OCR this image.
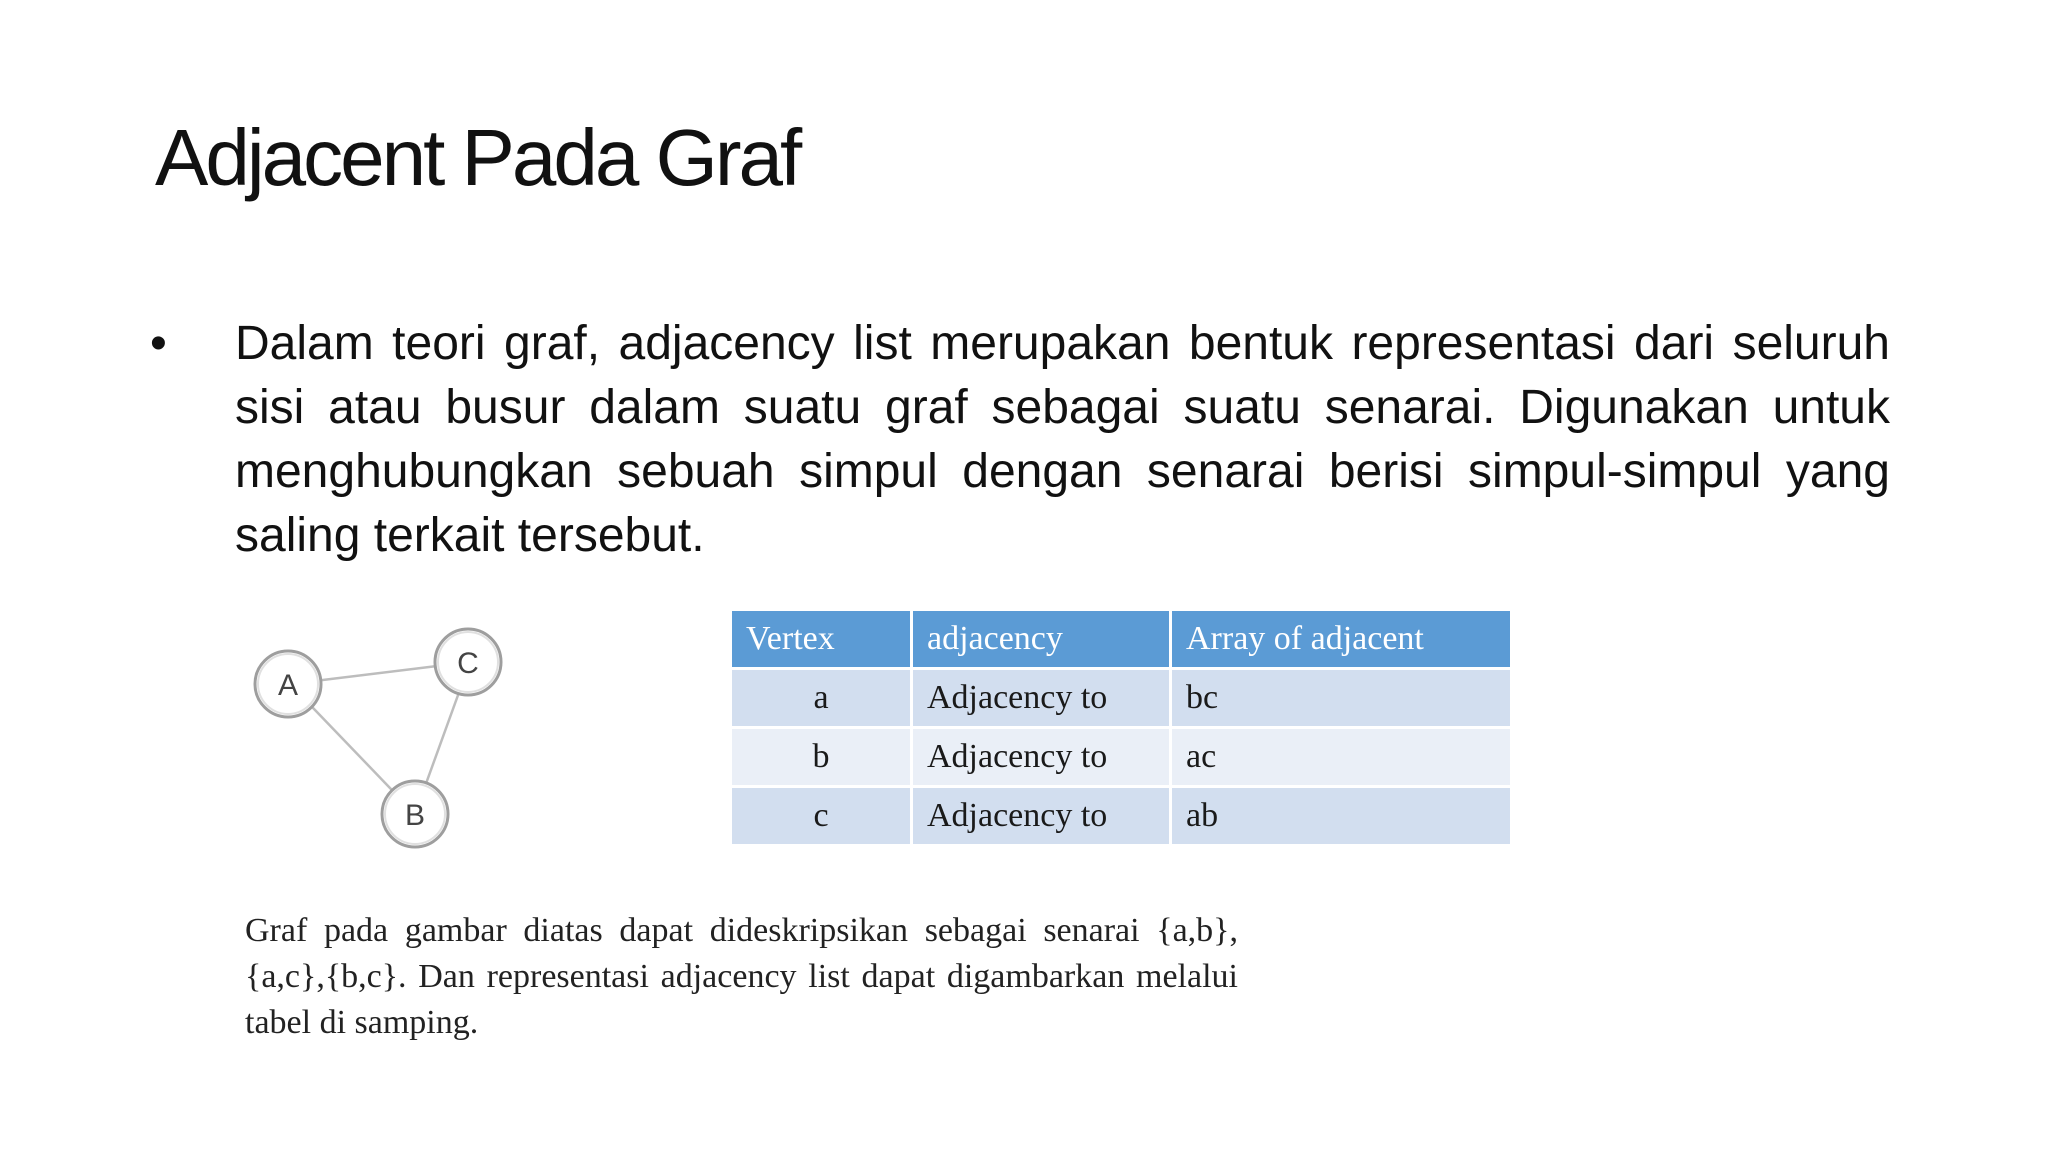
Adjacent Pada Graf
• Dalam teori graf, adjacency list merupakan bentuk representasi dari seluruh sisi atau busur dalam suatu graf sebagai suatu senarai. Digunakan untuk menghubungkan sebuah simpul dengan senarai berisi simpul-simpul yang saling terkait tersebut.
A
C
B
Vertex	adjacency	Array of adjacent
a	Adjacency to	bc
b	Adjacency to	ac
c	Adjacency to	ab
Graf pada gambar diatas dapat dideskripsikan sebagai senarai {a,b},{a,c},{b,c}. Dan representasi adjacency list dapat digambarkan melalui tabel di samping.
